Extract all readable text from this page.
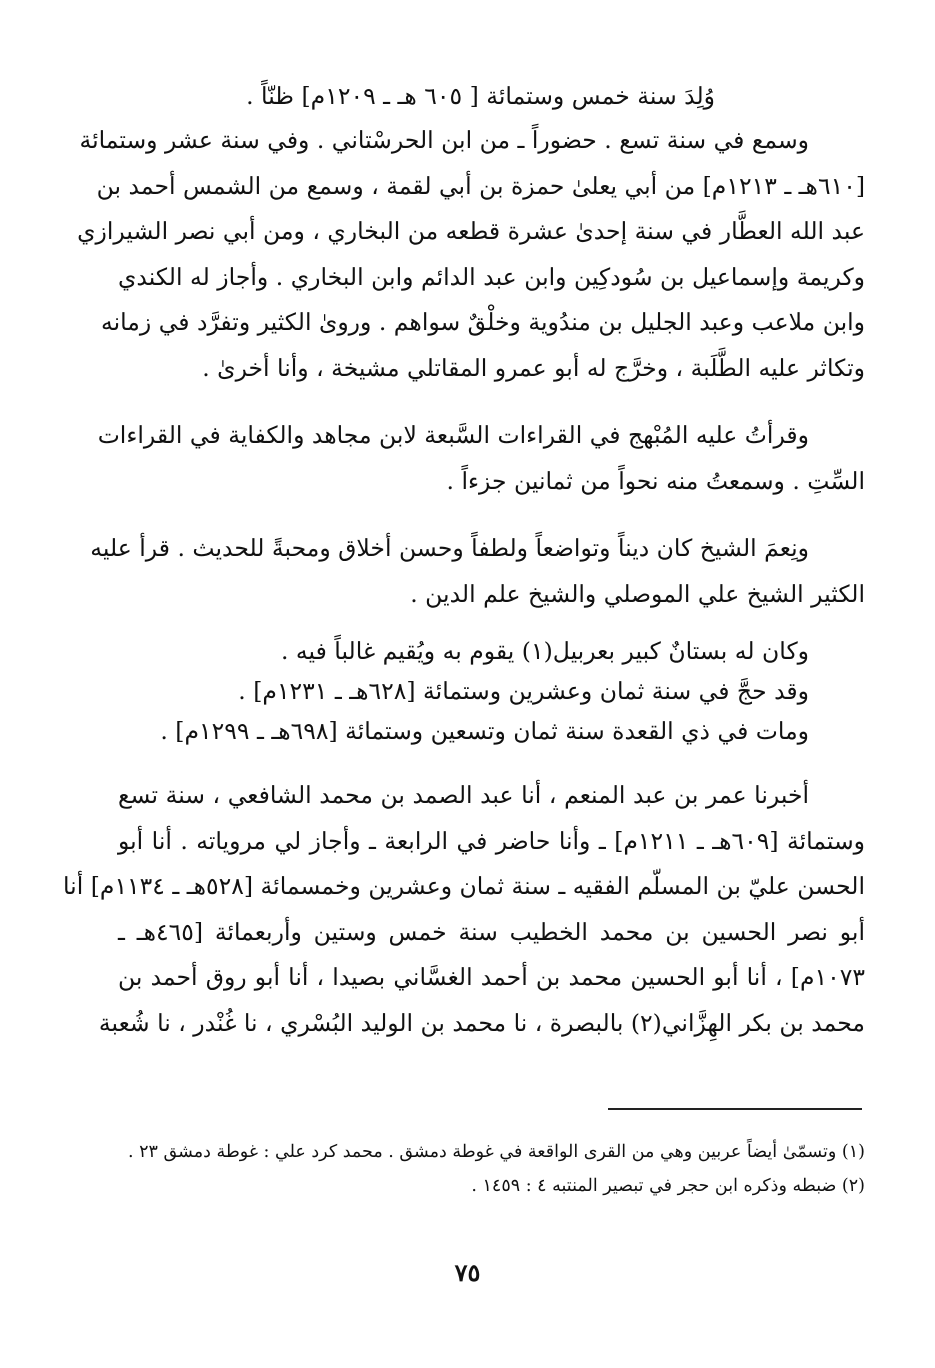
وُلِدَ سنة خمس وستمائة [ ٦٠٥ هـ ـ ١٢٠٩م] ظنّاً .

وسمع في سنة تسع . حضوراً ـ من ابن الحرسْتاني . وفي سنة عشر وستمائة
[٦١٠هـ ـ ١٢١٣م] من أبي يعلىٰ حمزة بن أبي لقمة ، وسمع من الشمس أحمد بن
عبد الله العطَّار في سنة إحدىٰ عشرة قطعه من البخاري ، ومن أبي نصر الشيرازي
وكريمة وإسماعيل بن سُودكِين وابن عبد الدائم وابن البخاري . وأجاز له الكندي
وابن ملاعب وعبد الجليل بن مندُوية وخلْقٌ سواهم . وروىٰ الكثير وتفرَّد في زمانه
وتكاثر عليه الطَّلَبة ، وخرَّج له أبو عمرو المقاتلي مشيخة ، وأنا أخرىٰ .
وقرأتُ عليه المُبْهج في القراءات السَّبعة لابن مجاهد والكفاية في القراءات
السِّتِ . وسمعتُ منه نحواً من ثمانين جزءاً .
ونِعمَ الشيخ كان ديناً وتواضعاً ولطفاً وحسن أخلاق ومحبةً للحديث . قرأ عليه
الكثير الشيخ علي الموصلي والشيخ علم الدين .

وكان له بستانٌ كبير بعربيل(١) يقوم به ويُقيم غالباً فيه .

وقد حجَّ في سنة ثمان وعشرين وستمائة [٦٢٨هـ ـ ١٢٣١م] .

ومات في ذي القعدة سنة ثمان وتسعين وستمائة [٦٩٨هـ ـ ١٢٩٩م] .

أخبرنا عمر بن عبد المنعم ، أنا عبد الصمد بن محمد الشافعي ، سنة تسع
وستمائة [٦٠٩هـ ـ ١٢١١م] ـ وأنا حاضر في الرابعة ـ وأجاز لي مروياته . أنا أبو
الحسن عليّ بن المسلّم الفقيه ـ سنة ثمان وعشرين وخمسمائة [٥٢٨هـ ـ ١١٣٤م] أنا
أبو نصر الحسين بن محمد الخطيب سنة خمس وستين وأربعمائة [٤٦٥هـ ـ
١٠٧٣م] ، أنا أبو الحسين محمد بن أحمد الغسَّاني بصيدا ، أنا أبو روق أحمد بن
محمد بن بكر الهِزَّاني(٢) بالبصرة ، نا محمد بن الوليد البُسْري ، نا غُنْدر ، نا شُعبة
(١) وتسمّىٰ أيضاً عربين وهي من القرى الواقعة في غوطة دمشق . محمد كرد علي : غوطة دمشق ٢٣ .
(٢) ضبطه وذكره ابن حجر في تبصير المنتبه ٤ : ١٤٥٩ .
٧٥
